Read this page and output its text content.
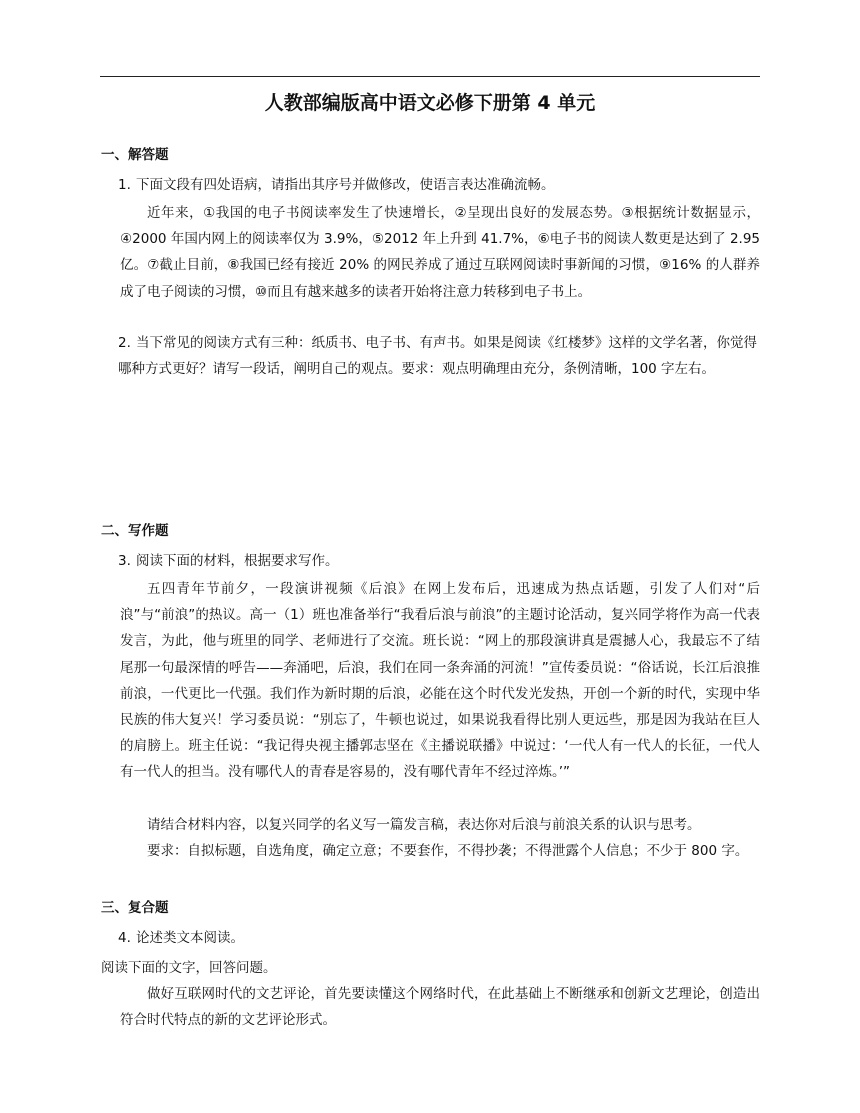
人教部编版高中语文必修下册第 4 单元
一、解答题
1. 下面文段有四处语病，请指出其序号并做修改，使语言表达准确流畅。

近年来，①我国的电子书阅读率发生了快速增长，②呈现出良好的发展态势。③根据统计数据显示，④2000 年国内网上的阅读率仅为 3.9%，⑤2012 年上升到 41.7%，⑥电子书的阅读人数更是达到了 2.95 亿。⑦截止目前，⑧我国已经有接近 20% 的网民养成了通过互联网阅读时事新闻的习惯，⑨16% 的人群养成了电子阅读的习惯，⑩而且有越来越多的读者开始将注意力转移到电子书上。

2. 当下常见的阅读方式有三种：纸质书、电子书、有声书。如果是阅读《红楼梦》这样的文学名著，你觉得哪种方式更好？请写一段话，阐明自己的观点。要求：观点明确理由充分，条例清晰，100 字左右。
二、写作题
3. 阅读下面的材料，根据要求写作。

五四青年节前夕，一段演讲视频《后浪》在网上发布后，迅速成为热点话题，引发了人们对“后浪”与“前浪”的热议。高一（1）班也准备举行“我看后浪与前浪”的主题讨论活动，复兴同学将作为高一代表发言，为此，他与班里的同学、老师进行了交流。班长说：“网上的那段演讲真是震撼人心，我最忘不了结尾那一句最深情的呼告——奔涌吧，后浪，我们在同一条奔涌的河流！”宣传委员说：“俗话说，长江后浪推前浪，一代更比一代强。我们作为新时期的后浪，必能在这个时代发光发热，开创一个新的时代，实现中华民族的伟大复兴！学习委员说：“别忘了，牛顿也说过，如果说我看得比别人更远些，那是因为我站在巨人的肩膀上。班主任说：“我记得央视主播郭志坚在《主播说联播》中说过：‘一代人有一代人的长征，一代人有一代人的担当。没有哪代人的青春是容易的，没有哪代青年不经过淬炼。’”

请结合材料内容，以复兴同学的名义写一篇发言稿，表达你对后浪与前浪关系的认识与思考。

要求：自拟标题，自选角度，确定立意；不要套作，不得抄袭；不得泄露个人信息；不少于 800 字。

三、复合题
4. 论述类文本阅读。

阅读下面的文字，回答问题。

做好互联网时代的文艺评论，首先要读懂这个网络时代，在此基础上不断继承和创新文艺理论，创造出符合时代特点的新的文艺评论形式。
